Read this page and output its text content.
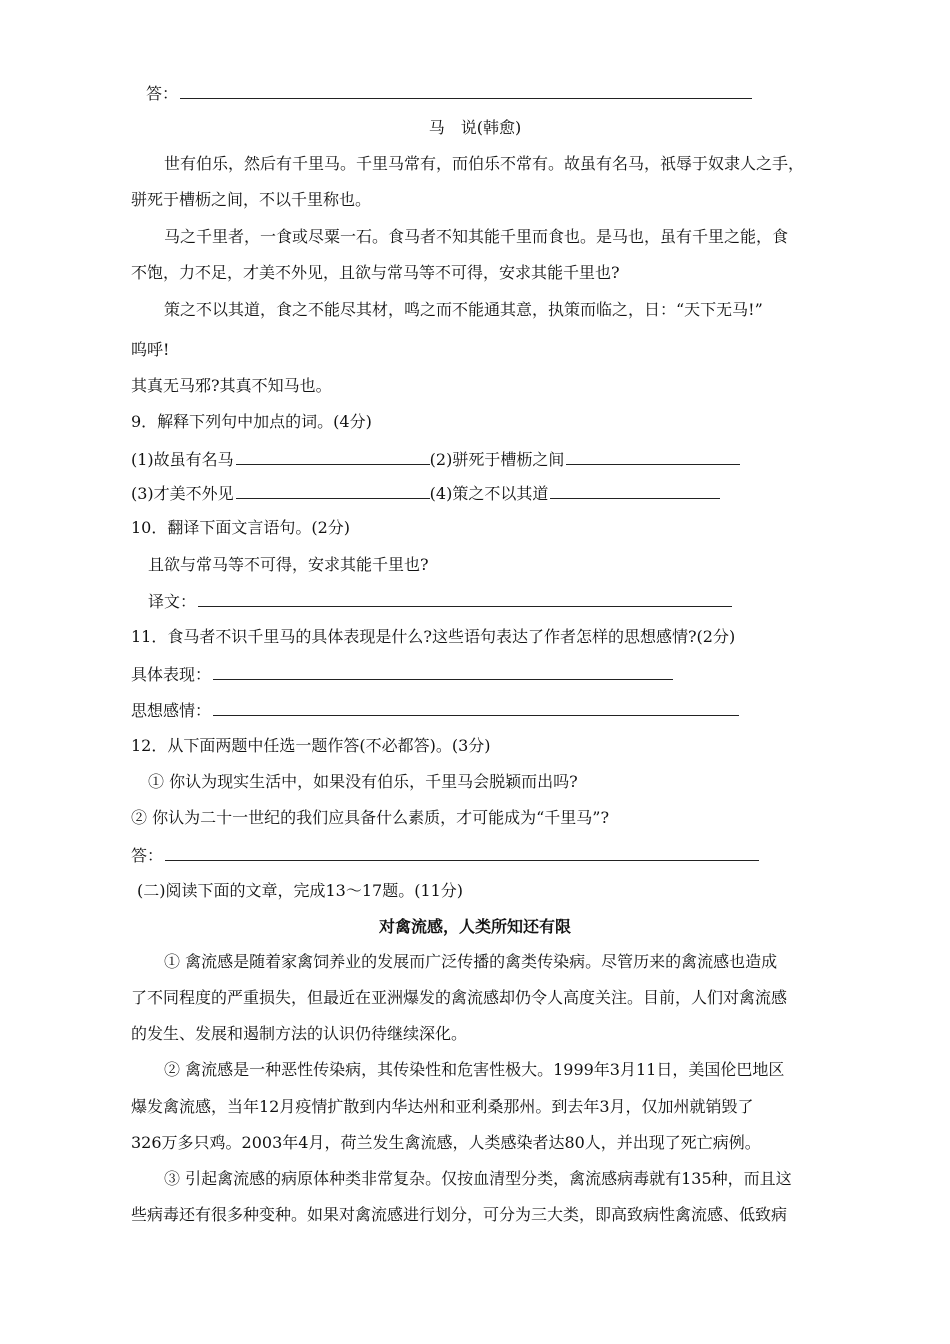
答：
马　说(韩愈)
世有伯乐，然后有千里马。千里马常有，而伯乐不常有。故虽有名马，祇辱于奴隶人之手，
骈死于槽枥之间，不以千里称也。
马之千里者，一食或尽粟一石。食马者不知其能千里而食也。是马也，虽有千里之能，食
不饱，力不足，才美不外见，且欲与常马等不可得，安求其能千里也?
策之不以其道，食之不能尽其材，鸣之而不能通其意，执策而临之，日：“天下无马!”
呜呼!
其真无马邪?其真不知马也。
9．解释下列句中加点的词。(4分)
(1)故虽有名马	(2)骈死于槽枥之间
(3)才美不外见	(4)策之不以其道
10．翻译下面文言语句。(2分)
且欲与常马等不可得，安求其能千里也?
译文：
11．食马者不识千里马的具体表现是什么?这些语句表达了作者怎样的思想感情?(2分)
具体表现：
思想感情：
12．从下面两题中任选一题作答(不必都答)。(3分)
① 你认为现实生活中，如果没有伯乐，千里马会脱颖而出吗?
② 你认为二十一世纪的我们应具备什么素质，才可能成为“千里马”?
答：
(二)阅读下面的文章，完成13～17题。(11分)
对禽流感，人类所知还有限
① 禽流感是随着家禽饲养业的发展而广泛传播的禽类传染病。尽管历来的禽流感也造成
了不同程度的严重损失，但最近在亚洲爆发的禽流感却仍令人高度关注。目前，人们对禽流感
的发生、发展和遏制方法的认识仍待继续深化。
② 禽流感是一种恶性传染病，其传染性和危害性极大。1999年3月11日，美国伦巴地区
爆发禽流感，当年12月疫情扩散到内华达州和亚利桑那州。到去年3月，仅加州就销毁了
326万多只鸡。2003年4月，荷兰发生禽流感，人类感染者达80人，并出现了死亡病例。
③ 引起禽流感的病原体种类非常复杂。仅按血清型分类，禽流感病毒就有135种，而且这
些病毒还有很多种变种。如果对禽流感进行划分，可分为三大类，即高致病性禽流感、低致病
